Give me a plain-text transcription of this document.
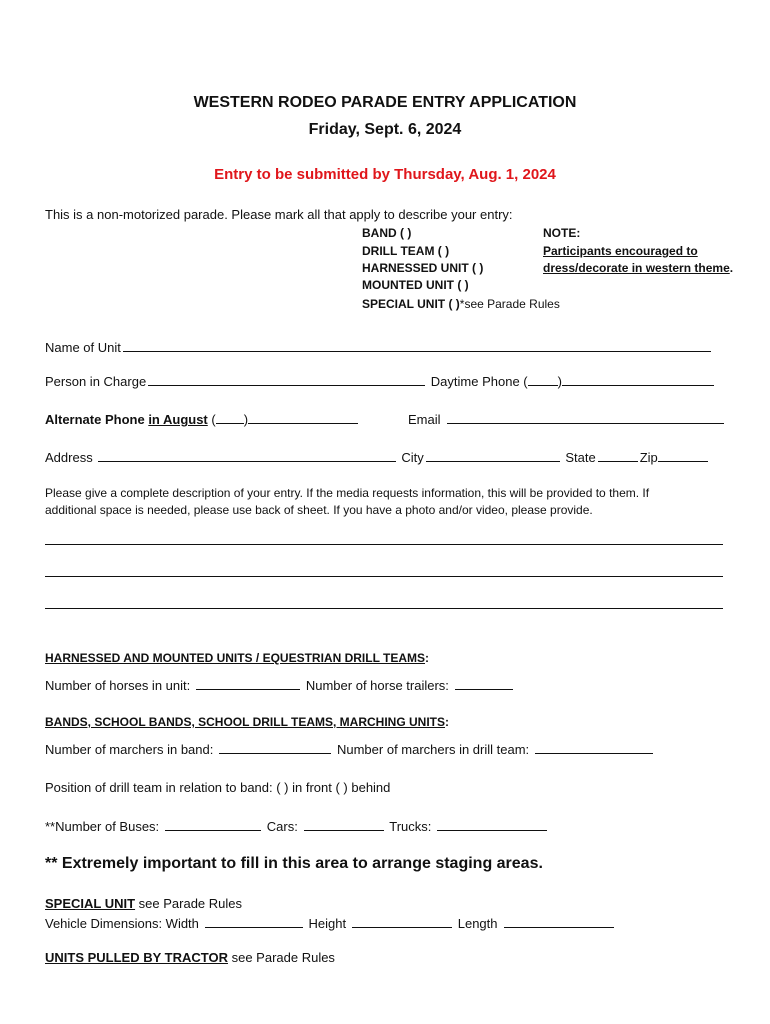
WESTERN RODEO PARADE ENTRY APPLICATION
Friday, Sept. 6, 2024
Entry to be submitted by Thursday, Aug. 1, 2024
This is a non-motorized parade. Please mark all that apply to describe your entry:
BAND ( )
DRILL TEAM ( )
HARNESSED UNIT ( )
MOUNTED UNIT ( )
SPECIAL UNIT ( )*see Parade Rules
NOTE:
Participants encouraged to
dress/decorate in western theme.
Name of Unit
Person in Charge	Daytime Phone ( )
Alternate Phone in August ( )	Email
Address	City	State	Zip
Please give a complete description of your entry. If the media requests information, this will be provided to them. If
additional space is needed, please use back of sheet. If you have a photo and/or video, please provide.
HARNESSED AND MOUNTED UNITS / EQUESTRIAN DRILL TEAMS:
Number of horses in unit:	Number of horse trailers:
BANDS, SCHOOL BANDS, SCHOOL DRILL TEAMS, MARCHING UNITS:
Number of marchers in band:	Number of marchers in drill team:
Position of drill team in relation to band: ( ) in front ( ) behind
**Number of Buses:	Cars:	Trucks:
** Extremely important to fill in this area to arrange staging areas.
SPECIAL UNIT see Parade Rules
Vehicle Dimensions: Width	Height	Length
UNITS PULLED BY TRACTOR see Parade Rules
